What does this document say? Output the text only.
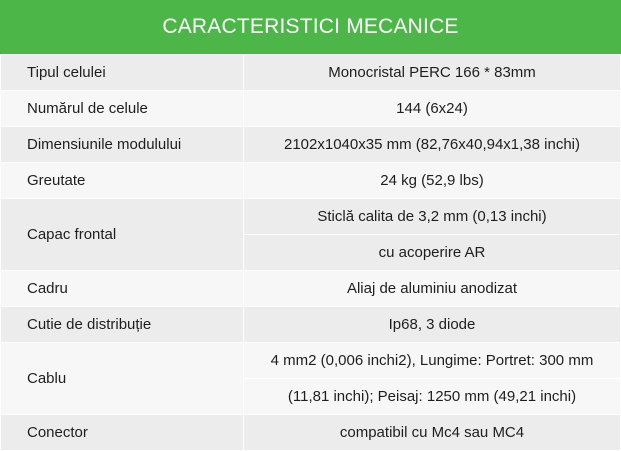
CARACTERISTICI MECANICE
Tipul celulei	Monocristal PERC 166 * 83mm
Numărul de celule	144 (6x24)
Dimensiunile modulului	2102x1040x35 mm (82,76x40,94x1,38 inchi)
Greutate	24 kg (52,9 lbs)
Capac frontal	Sticlă calita de 3,2 mm (0,13 inchi)
	cu acoperire AR
Cadru	Aliaj de aluminiu anodizat
Cutie de distribuție	Ip68, 3 diode
Cablu	4 mm2 (0,006 inchi2), Lungime: Portret: 300 mm
	(11,81 inchi); Peisaj: 1250 mm (49,21 inchi)
Conector	compatibil cu Mc4 sau MC4
